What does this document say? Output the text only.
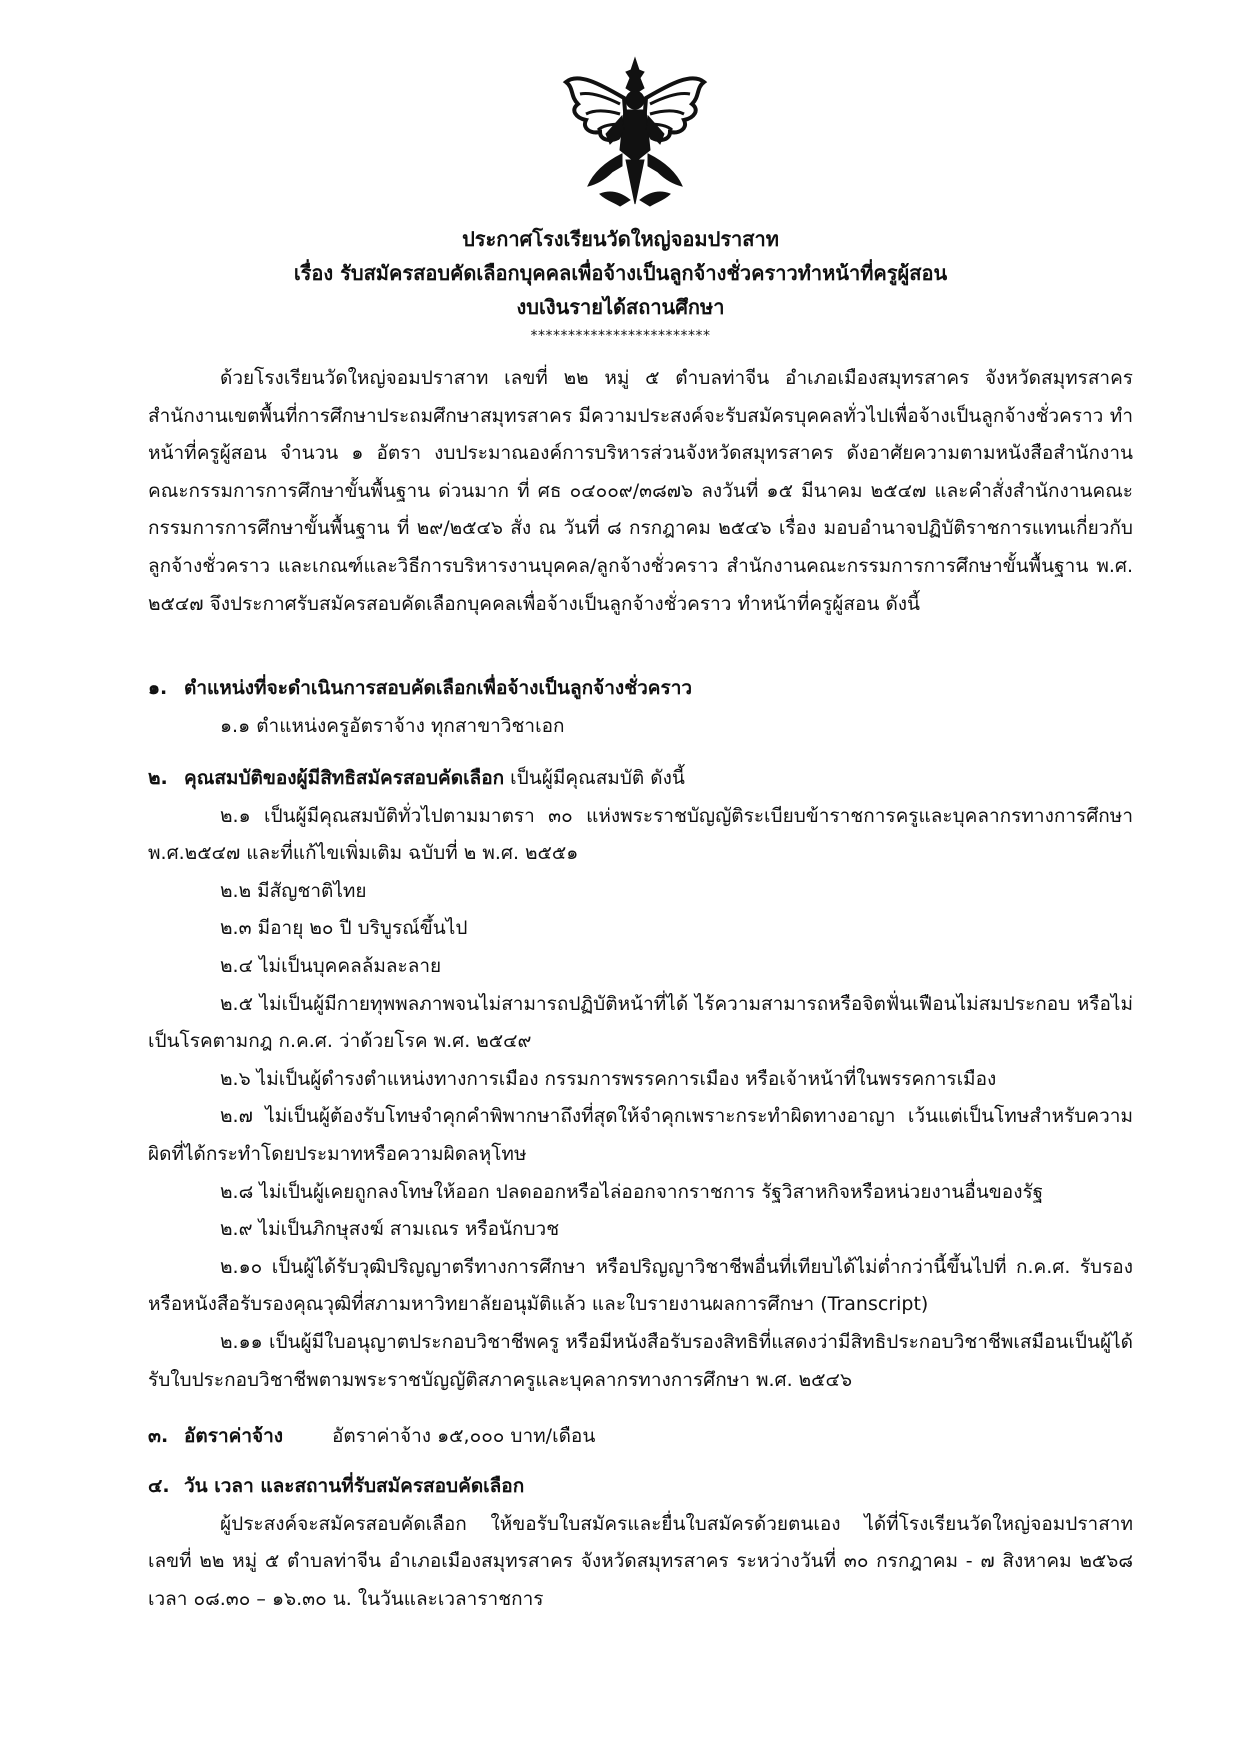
ประกาศโรงเรียนวัดใหญ่จอมปราสาท
เรื่อง รับสมัครสอบคัดเลือกบุคคลเพื่อจ้างเป็นลูกจ้างชั่วคราวทำหน้าที่ครูผู้สอน
งบเงินรายได้สถานศึกษา
************************

ด้วยโรงเรียนวัดใหญ่จอมปราสาท เลขที่ ๒๒ หมู่ ๕ ตำบลท่าจีน อำเภอเมืองสมุทรสาคร จังหวัดสมุทรสาคร สำนักงานเขตพื้นที่การศึกษาประถมศึกษาสมุทรสาคร มีความประสงค์จะรับสมัครบุคคลทั่วไปเพื่อจ้างเป็นลูกจ้างชั่วคราว ทำหน้าที่ครูผู้สอน จำนวน ๑ อัตรา งบประมาณองค์การบริหารส่วนจังหวัดสมุทรสาคร ดังอาศัยความตามหนังสือสำนักงานคณะกรรมการการศึกษาขั้นพื้นฐาน ด่วนมาก ที่ ศธ ๐๔๐๐๙/๓๘๗๖ ลงวันที่ ๑๕ มีนาคม ๒๕๔๗ และคำสั่งสำนักงานคณะกรรมการการศึกษาขั้นพื้นฐาน ที่ ๒๙/๒๕๔๖ สั่ง ณ วันที่ ๘ กรกฎาคม ๒๕๔๖ เรื่อง มอบอำนาจปฏิบัติราชการแทนเกี่ยวกับลูกจ้างชั่วคราว และเกณฑ์และวิธีการบริหารงานบุคคล/ลูกจ้างชั่วคราว สำนักงานคณะกรรมการการศึกษาขั้นพื้นฐาน พ.ศ. ๒๕๔๗ จึงประกาศรับสมัครสอบคัดเลือกบุคคลเพื่อจ้างเป็นลูกจ้างชั่วคราว ทำหน้าที่ครูผู้สอน ดังนี้

๑. ตำแหน่งที่จะดำเนินการสอบคัดเลือกเพื่อจ้างเป็นลูกจ้างชั่วคราว

๑.๑ ตำแหน่งครูอัตราจ้าง ทุกสาขาวิชาเอก

๒. คุณสมบัติของผู้มีสิทธิสมัครสอบคัดเลือก เป็นผู้มีคุณสมบัติ ดังนี้

๒.๑ เป็นผู้มีคุณสมบัติทั่วไปตามมาตรา ๓๐ แห่งพระราชบัญญัติระเบียบข้าราชการครูและบุคลากรทางการศึกษา พ.ศ.๒๕๔๗ และที่แก้ไขเพิ่มเติม ฉบับที่ ๒ พ.ศ. ๒๕๕๑

๒.๒ มีสัญชาติไทย

๒.๓ มีอายุ ๒๐ ปี บริบูรณ์ขึ้นไป

๒.๔ ไม่เป็นบุคคลล้มละลาย

๒.๕ ไม่เป็นผู้มีกายทุพพลภาพจนไม่สามารถปฏิบัติหน้าที่ได้ ไร้ความสามารถหรือจิตฟั่นเฟือนไม่สมประกอบ หรือไม่เป็นโรคตามกฎ ก.ค.ศ. ว่าด้วยโรค พ.ศ. ๒๕๔๙

๒.๖ ไม่เป็นผู้ดำรงตำแหน่งทางการเมือง กรรมการพรรคการเมือง หรือเจ้าหน้าที่ในพรรคการเมือง

๒.๗ ไม่เป็นผู้ต้องรับโทษจำคุกคำพิพากษาถึงที่สุดให้จำคุกเพราะกระทำผิดทางอาญา เว้นแต่เป็นโทษสำหรับความผิดที่ได้กระทำโดยประมาทหรือความผิดลหุโทษ

๒.๘ ไม่เป็นผู้เคยถูกลงโทษให้ออก ปลดออกหรือไล่ออกจากราชการ รัฐวิสาหกิจหรือหน่วยงานอื่นของรัฐ

๒.๙ ไม่เป็นภิกษุสงฆ์ สามเณร หรือนักบวช

๒.๑๐ เป็นผู้ได้รับวุฒิปริญญาตรีทางการศึกษา หรือปริญญาวิชาชีพอื่นที่เทียบได้ไม่ต่ำกว่านี้ขึ้นไปที่ ก.ค.ศ. รับรอง หรือหนังสือรับรองคุณวุฒิที่สภามหาวิทยาลัยอนุมัติแล้ว และใบรายงานผลการศึกษา (Transcript)

๒.๑๑ เป็นผู้มีใบอนุญาตประกอบวิชาชีพครู หรือมีหนังสือรับรองสิทธิที่แสดงว่ามีสิทธิประกอบวิชาชีพเสมือนเป็นผู้ได้รับใบประกอบวิชาชีพตามพระราชบัญญัติสภาครูและบุคลากรทางการศึกษา พ.ศ. ๒๕๔๖

๓. อัตราค่าจ้าง	อัตราค่าจ้าง ๑๕,๐๐๐ บาท/เดือน

๔. วัน เวลา และสถานที่รับสมัครสอบคัดเลือก

ผู้ประสงค์จะสมัครสอบคัดเลือก ให้ขอรับใบสมัครและยื่นใบสมัครด้วยตนเอง ได้ที่โรงเรียนวัดใหญ่จอมปราสาท เลขที่ ๒๒ หมู่ ๕ ตำบลท่าจีน อำเภอเมืองสมุทรสาคร จังหวัดสมุทรสาคร ระหว่างวันที่ ๓๐ กรกฎาคม - ๗ สิงหาคม ๒๕๖๘ เวลา ๐๘.๓๐ – ๑๖.๓๐ น. ในวันและเวลาราชการ
